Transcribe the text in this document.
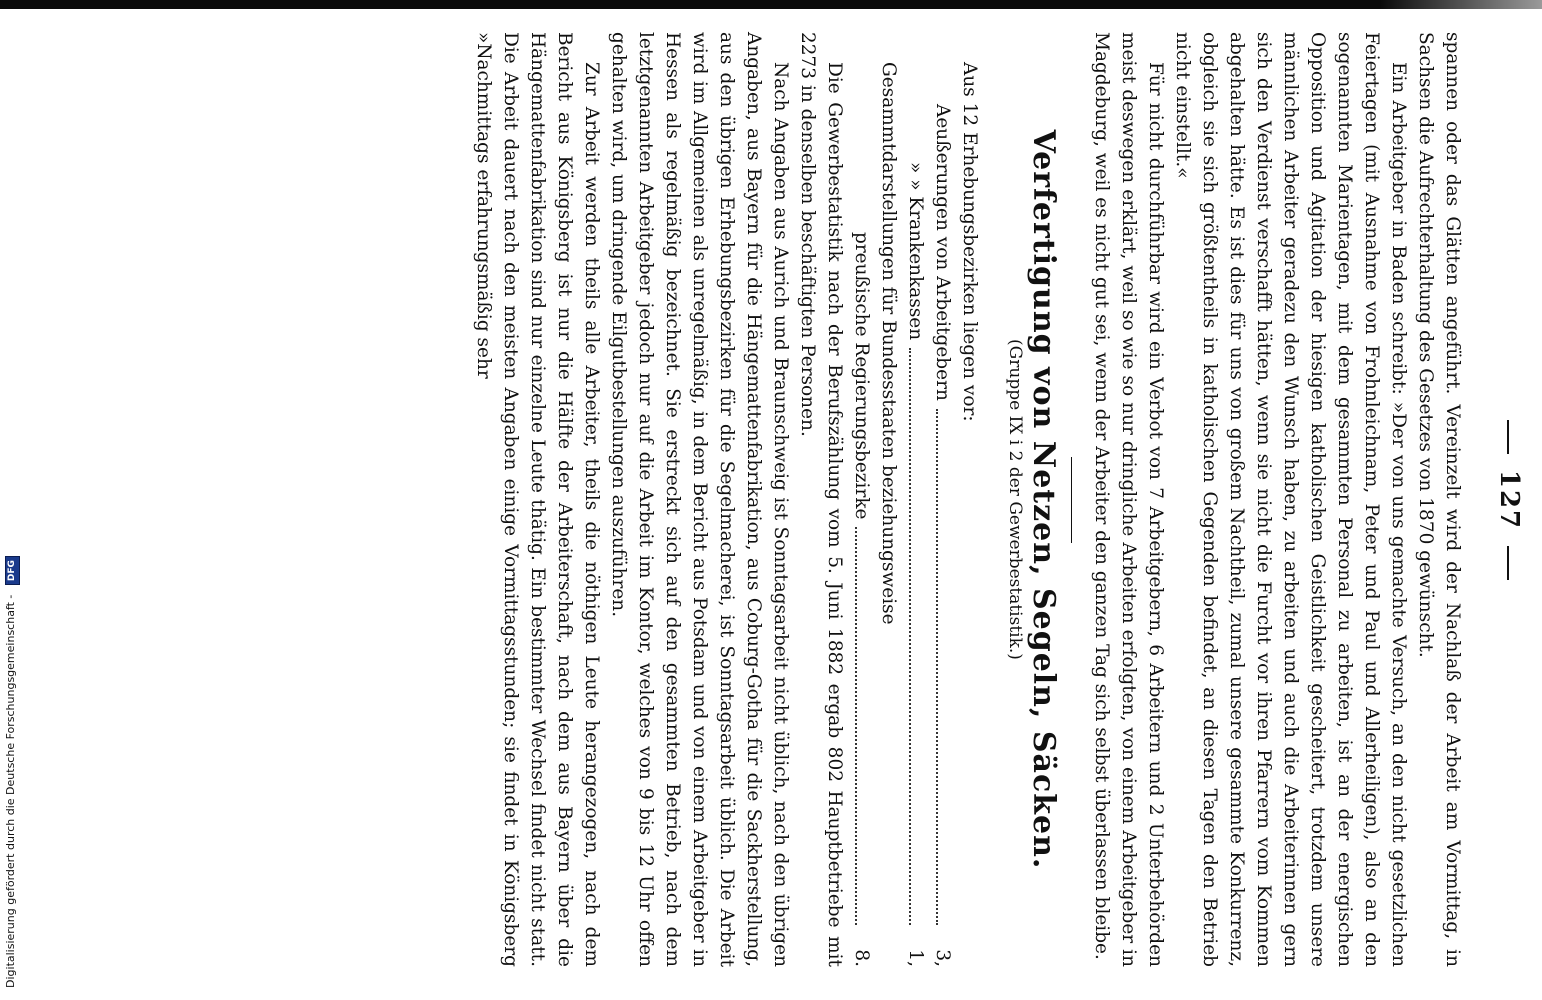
Digitalisierung gefördert durch die Deutsche Forschungsgemeinschaft - DFG
127

spannen oder das Glätten angeführt. Vereinzelt wird der Nachlaß der Arbeit am Vormittag, in Sachsen die Aufrechterhaltung des Gesetzes von 1870 gewünscht.

Ein Arbeitgeber in Baden schreibt: »Der von uns gemachte Versuch, an den nicht gesetzlichen Feiertagen (mit Ausnahme von Frohnleichnam, Peter und Paul und Allerheiligen), also an den sogenannten Marientagen, mit dem gesammten Personal zu arbeiten, ist an der energischen Opposition und Agitation der hiesigen katholischen Geistlichkeit gescheitert, trotzdem unsere männlichen Arbeiter geradezu den Wunsch haben, zu arbeiten und auch die Arbeiterinnen gern sich den Verdienst verschafft hätten, wenn sie nicht die Furcht vor ihren Pfarrern vom Kommen abgehalten hätte. Es ist dies für uns von großem Nachtheil, zumal unsere gesammte Konkurrenz, obgleich sie sich größtentheils in katholischen Gegenden befindet, an diesen Tagen den Betrieb nicht einstellt.«

Für nicht durchführbar wird ein Verbot von 7 Arbeitgebern, 6 Arbeitern und 2 Unterbehörden meist deswegen erklärt, weil so wie so nur dringliche Arbeiten erfolgten, von einem Arbeitgeber in Magdeburg, weil es nicht gut sei, wenn der Arbeiter den ganzen Tag sich selbst überlassen bleibe.

Verfertigung von Netzen, Segeln, Säcken.
(Gruppe IX i 2 der Gewerbestatistik.)

Aus 12 Erhebungsbezirken liegen vor:

Aeußerungen von Arbeitgebern
3,
» » Krankenkassen
1,
Gesammtdarstellungen für Bundesstaaten beziehungsweise
preußische Regierungsbezirke
8.

Die Gewerbestatistik nach der Berufszählung vom 5. Juni 1882 ergab 802 Hauptbetriebe mit 2273 in denselben beschäftigten Personen.

Nach Angaben aus Aurich und Braunschweig ist Sonntagsarbeit nicht üblich, nach den übrigen Angaben, aus Bayern für die Hängemattenfabrikation, aus Coburg-Gotha für die Sackherstellung, aus den übrigen Erhebungsbezirken für die Segelmacherei, ist Sonntagsarbeit üblich. Die Arbeit wird im Allgemeinen als unregelmäßig, in dem Bericht aus Potsdam und von einem Arbeitgeber in Hessen als regelmäßig bezeichnet. Sie erstreckt sich auf den gesammten Betrieb, nach dem letztgenannten Arbeitgeber jedoch nur auf die Arbeit im Kontor, welches von 9 bis 12 Uhr offen gehalten wird, um dringende Eilgutbestellungen auszuführen.

Zur Arbeit werden theils alle Arbeiter, theils die nöthigen Leute herangezogen, nach dem Bericht aus Königsberg ist nur die Hälfte der Arbeiterschaft, nach dem aus Bayern über die Hängemattenfabrikation sind nur einzelne Leute thätig. Ein bestimmter Wechsel findet nicht statt. Die Arbeit dauert nach den meisten Angaben einige Vormittagsstunden; sie findet in Königsberg »Nachmittags erfahrungsmäßig sehr
